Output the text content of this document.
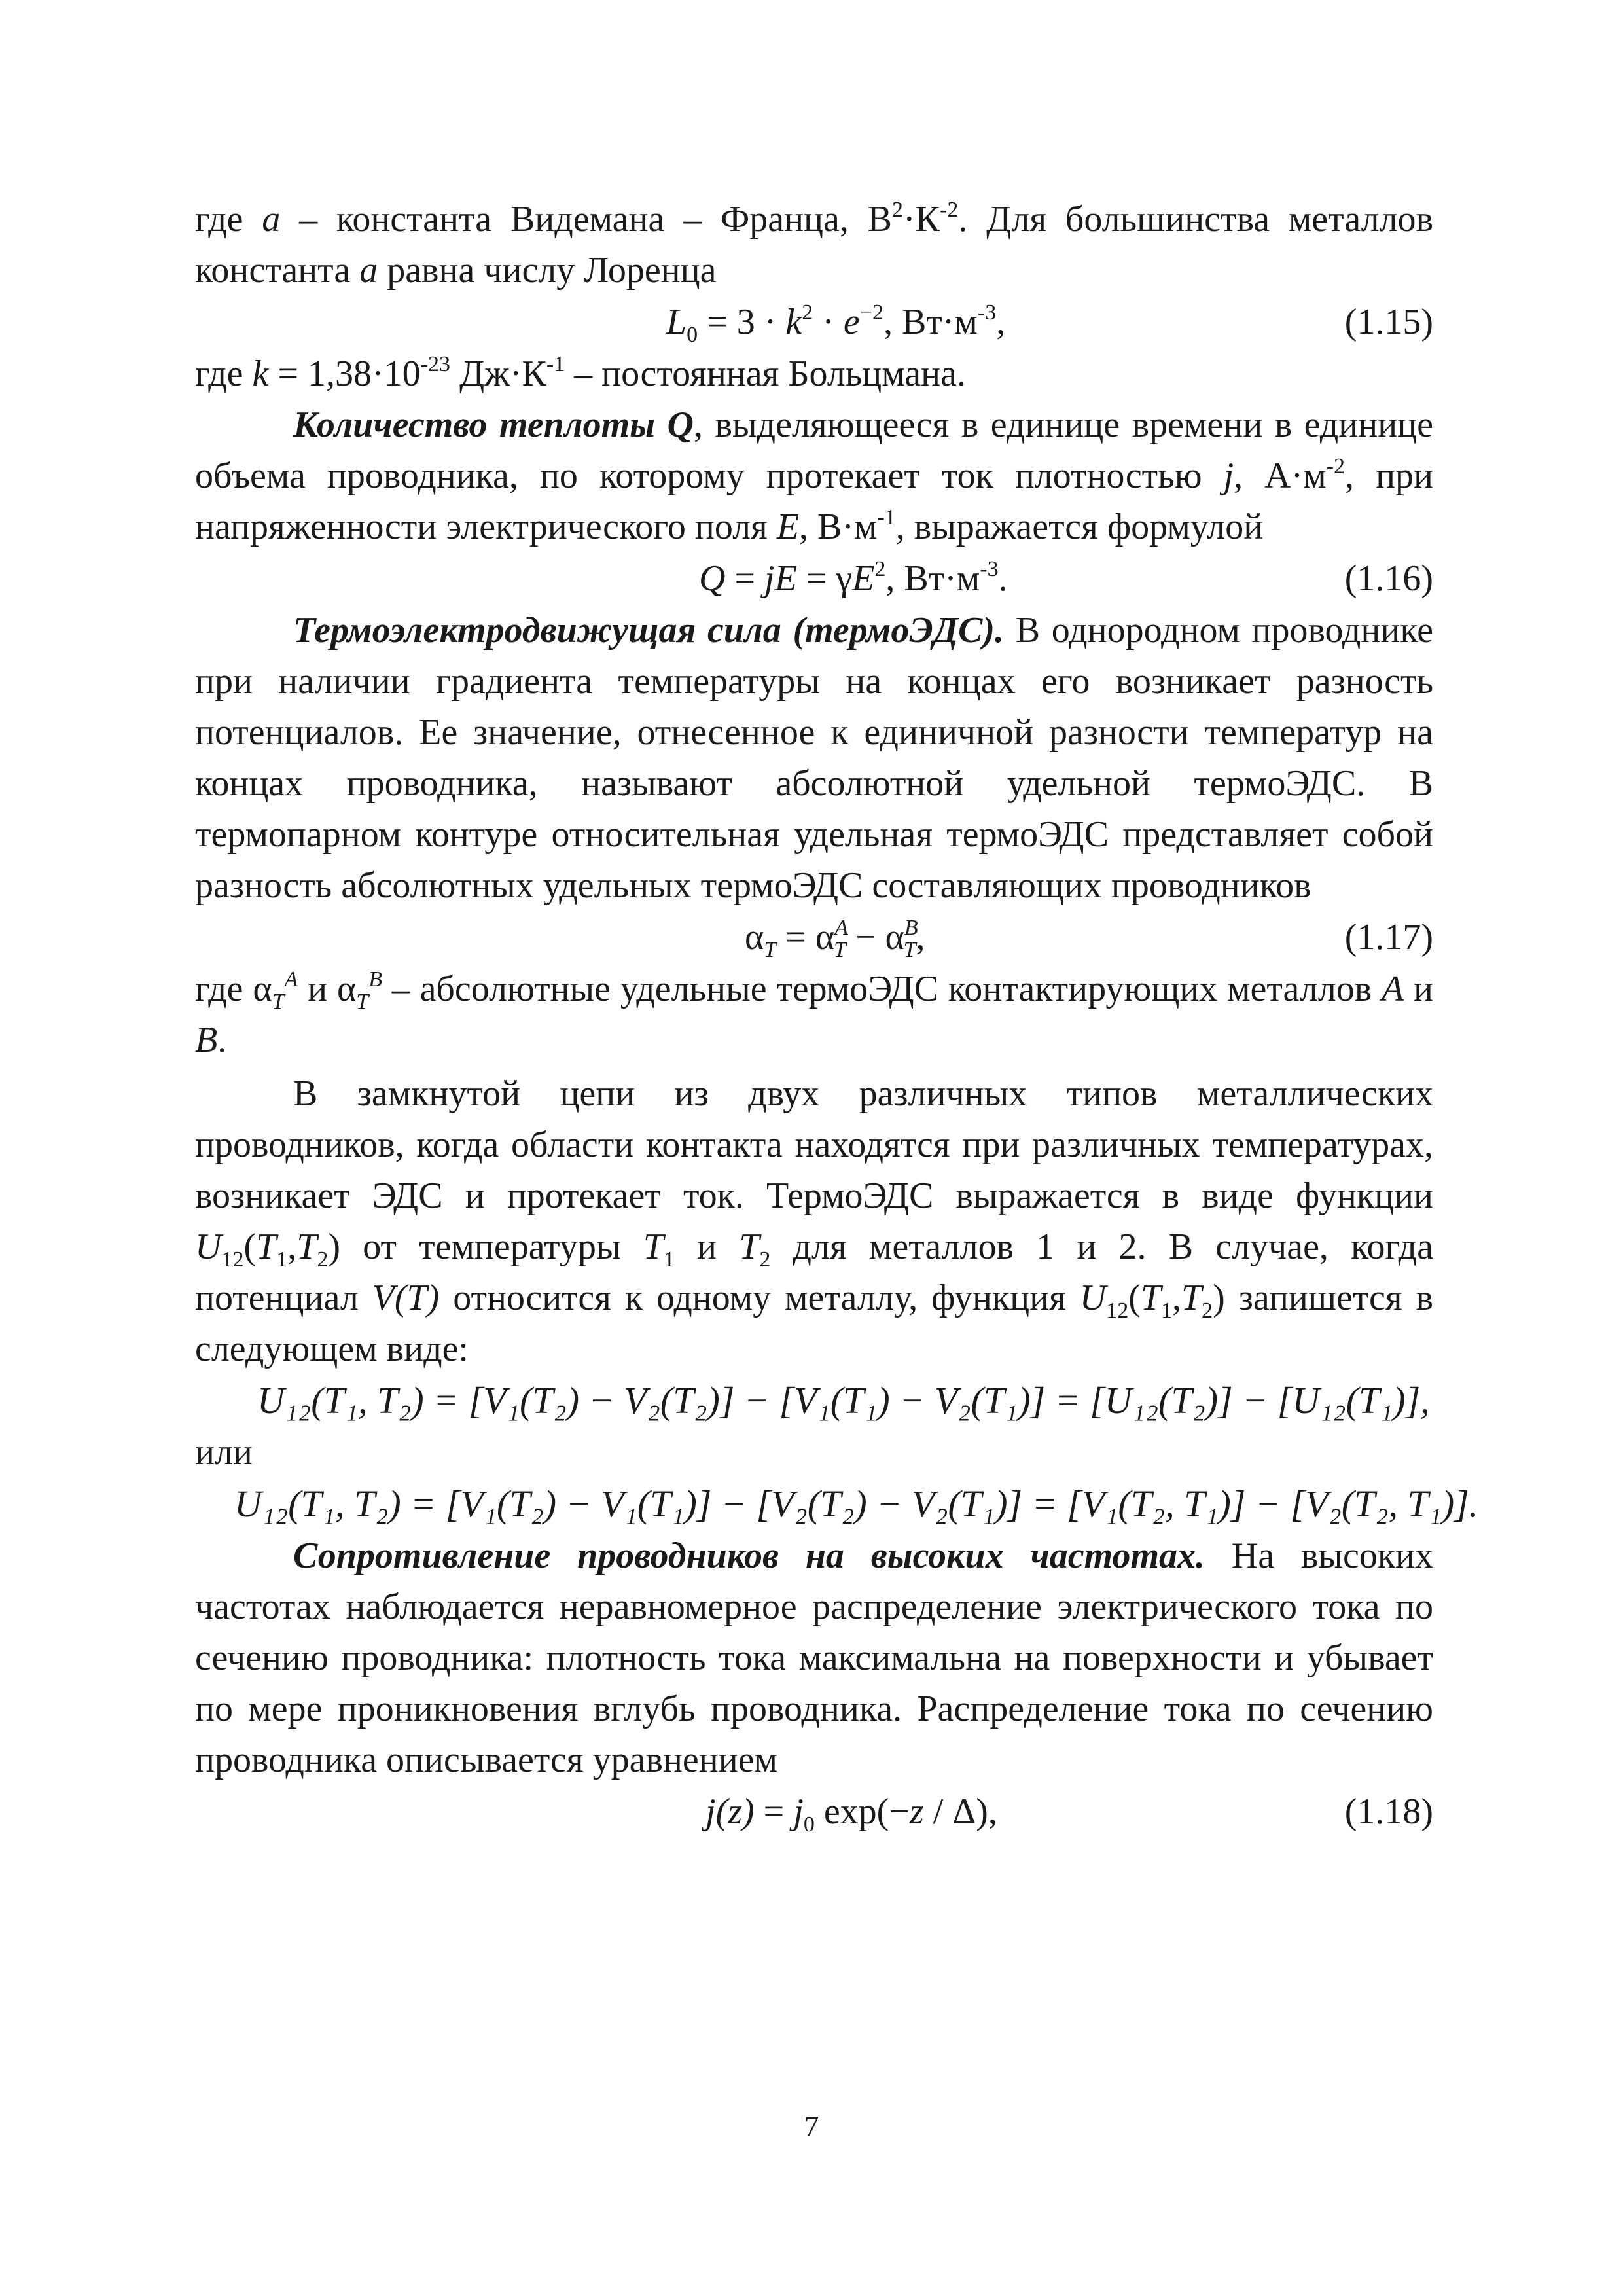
где a – константа Видемана – Франца, $В^2\cdot К^{-2}$. Для большинства металлов константа a равна числу Лоренца

$L_0 = 3 \cdot k^2 \cdot e^{-2}$, $Вт\cdot м^{-3}$,	(1.15)

где $k = 1,38\cdot 10^{-23}$ $Дж\cdot К^{-1}$ – постоянная Больцмана.

Количество теплоты Q, выделяющееся в единице времени в единице объема проводника, по которому протекает ток плотностью j, $А\cdot м^{-2}$, при напряженности электрического поля E, $В\cdot м^{-1}$, выражается формулой

Q = jE = $\gamma E^2$, $Вт\cdot м^{-3}$.	(1.16)

Термоэлектродвижущая сила (термоЭДС). В однородном проводнике при наличии градиента температуры на концах его возникает разность потенциалов. Ее значение, отнесенное к единичной разности температур на концах проводника, называют абсолютной удельной термоЭДС. В термопарном контуре относительная удельная термоЭДС представляет собой разность абсолютных удельных термоЭДС составляющих проводников

$\alpha_T = \alpha^A_T - \alpha^B_T$,	(1.17)

где $\alpha_T^A$ и $\alpha_T^B$ – абсолютные удельные термоЭДС контактирующих металлов A и B.

В замкнутой цепи из двух различных типов металлических проводников, когда области контакта находятся при различных температурах, возникает ЭДС и протекает ток. ТермоЭДС выражается в виде функции $U_{12}(T_1,T_2)$ от температуры $T_1$ и $T_2$ для металлов 1 и 2. В случае, когда потенциал V(T) относится к одному металлу, функция $U_{12}(T_1,T_2)$ запишется в следующем виде:

U₁₂(T₁, T₂) = [V₁(T₂) − V₂(T₂)] − [V₁(T₁) − V₂(T₁)] = [U₁₂(T₂)] − [U₁₂(T₁)],

или

U₁₂(T₁, T₂) = [V₁(T₂) − V₁(T₁)] − [V₂(T₂) − V₂(T₁)] = [V₁(T₂, T₁)] − [V₂(T₂, T₁)].

Сопротивление проводников на высоких частотах. На высоких частотах наблюдается неравномерное распределение электрического тока по сечению проводника: плотность тока максимальна на поверхности и убывает по мере проникновения вглубь проводника. Распределение тока по сечению проводника описывается уравнением

$j(z) = j_0$ exp(−z / Δ),	(1.18)
7
